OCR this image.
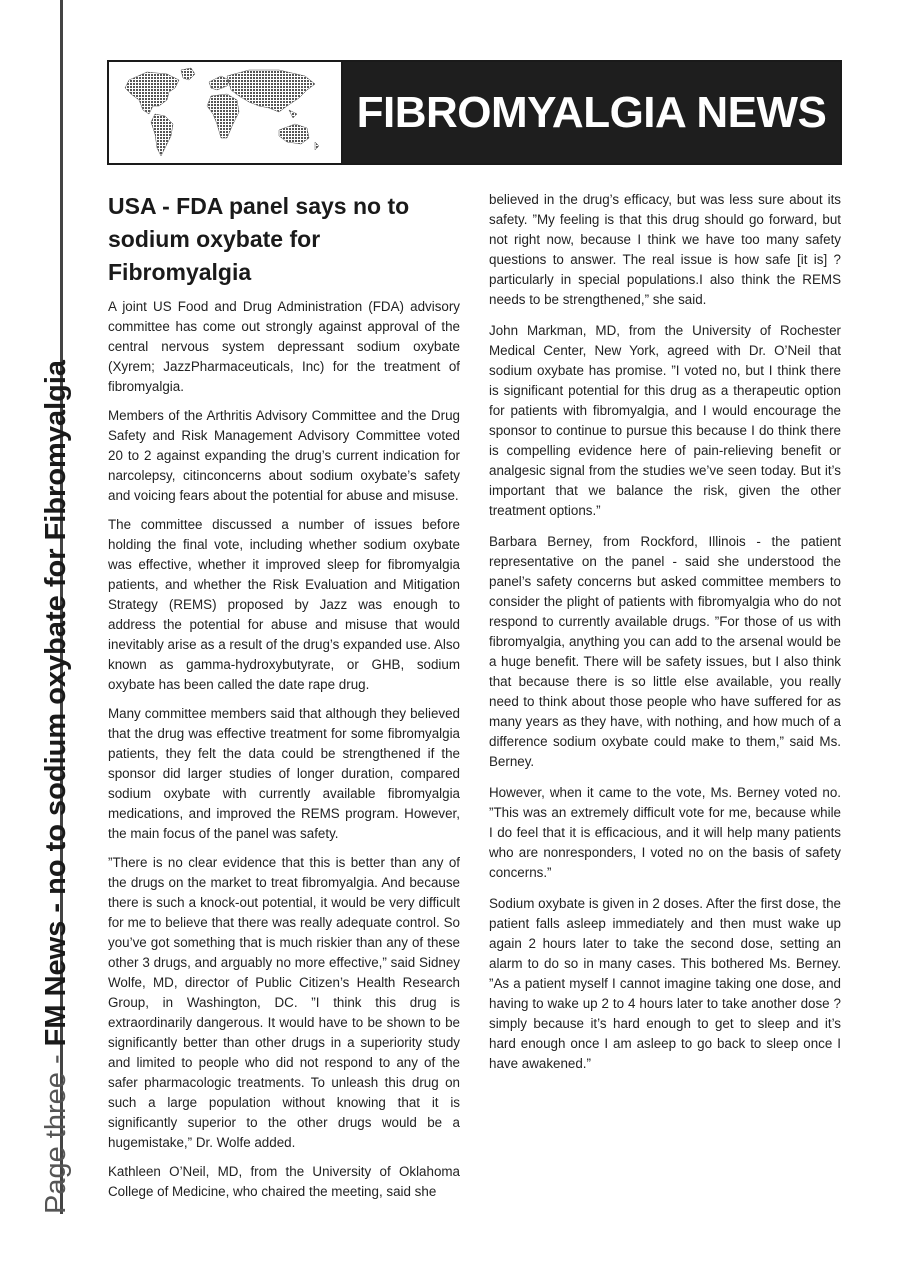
Page three - FM News - no to sodium oxybate for Fibromyalgia
FIBROMYALGIA NEWS
USA - FDA panel says no to sodium oxybate for Fibromyalgia

A joint US Food and Drug Administration (FDA) advisory committee has come out strongly against approval of the central nervous system depressant sodium oxybate (Xyrem; JazzPharmaceuticals, Inc) for the treatment of fibromyalgia.

Members of the Arthritis Advisory Committee and the Drug Safety and Risk Management Advisory Committee voted 20 to 2 against expanding the drug’s current indication for narcolepsy, citinconcerns about sodium oxybate’s safety and voicing fears about the potential for abuse and misuse.

The committee discussed a number of issues before holding the final vote, including whether sodium oxybate was effective, whether it improved sleep for fibromyalgia patients, and whether the Risk Evaluation and Mitigation Strategy (REMS) proposed by Jazz was enough to address the potential for abuse and misuse that would inevitably arise as a result of the drug’s expanded use. Also known as gamma-hydroxybutyrate, or GHB, sodium oxybate has been called the date rape drug.

Many committee members said that although they believed that the drug was effective treatment for some fibromyalgia patients, they felt the data could be strengthened if the sponsor did larger studies of longer duration, compared sodium oxybate with currently available fibromyalgia medications, and improved the REMS program. However, the main focus of the panel was safety.

”There is no clear evidence that this is better than any of the drugs on the market to treat fibromyalgia. And because there is such a knock-out potential, it would be very difficult for me to believe that there was really adequate control. So you’ve got something that is much riskier than any of these other 3 drugs, and arguably no more effective,” said Sidney Wolfe, MD, director of Public Citizen’s Health Research Group, in Washington, DC. ”I think this drug is extraordinarily dangerous. It would have to be shown to be significantly better than other drugs in a superiority study and limited to people who did not respond to any of the safer pharmacologic treatments. To unleash this drug on such a large population without knowing that it is significantly superior to the other drugs would be a hugemistake,” Dr. Wolfe added.

Kathleen O’Neil, MD, from the University of Oklahoma College of Medicine, who chaired the meeting, said she

believed in the drug’s efficacy, but was less sure about its safety. ”My feeling is that this drug should go forward, but not right now, because I think we have too many safety questions to answer. The real issue is how safe [it is] ? particularly in special populations.I also think the REMS needs to be strengthened,” she said.

John Markman, MD, from the University of Rochester Medical Center, New York, agreed with Dr. O’Neil that sodium oxybate has promise. ”I voted no, but I think there is significant potential for this drug as a therapeutic option for patients with fibromyalgia, and I would encourage the sponsor to continue to pursue this because I do think there is compelling evidence here of pain-relieving benefit or analgesic signal from the studies we’ve seen today. But it’s important that we balance the risk, given the other treatment options.”

Barbara Berney, from Rockford, Illinois - the patient representative on the panel - said she understood the panel’s safety concerns but asked committee members to consider the plight of patients with fibromyalgia who do not respond to currently available drugs. ”For those of us with fibromyalgia, anything you can add to the arsenal would be a huge benefit. There will be safety issues, but I also think that because there is so little else available, you really need to think about those people who have suffered for as many years as they have, with nothing, and how much of a difference sodium oxybate could make to them,” said Ms. Berney.

However, when it came to the vote, Ms. Berney voted no. ”This was an extremely difficult vote for me, because while I do feel that it is efficacious, and it will help many patients who are nonresponders, I voted no on the basis of safety concerns.”

Sodium oxybate is given in 2 doses. After the first dose, the patient falls asleep immediately and then must wake up again 2 hours later to take the second dose, setting an alarm to do so in many cases. This bothered Ms. Berney. ”As a patient myself I cannot imagine taking one dose, and having to wake up 2 to 4 hours later to take another dose ? simply because it’s hard enough to get to sleep and it’s hard enough once I am asleep to go back to sleep once I have awakened.”
